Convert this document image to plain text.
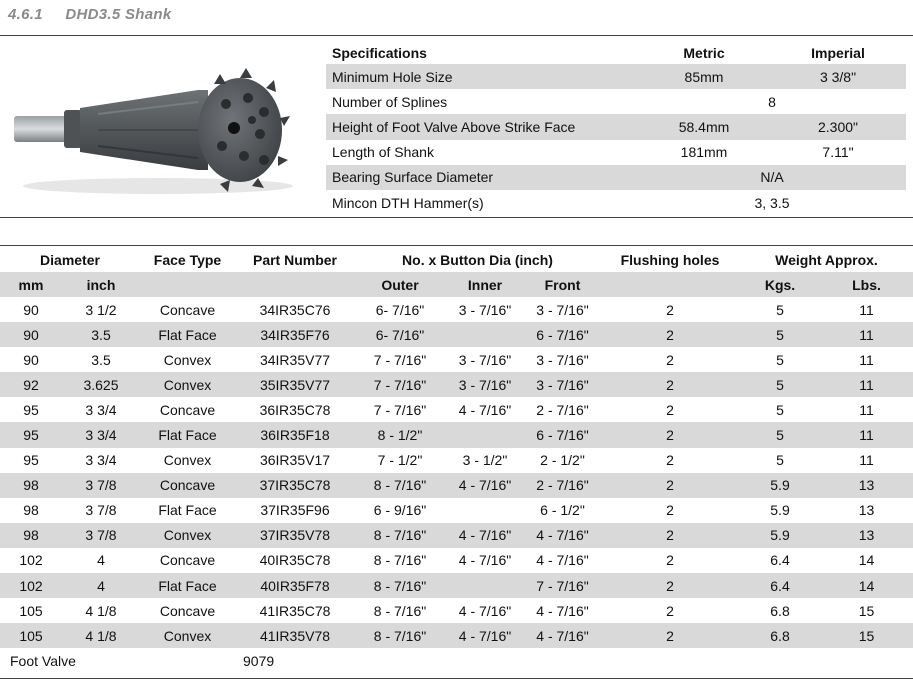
4.6.1 DHD3.5 Shank
Specifications	Metric	Imperial
Minimum Hole Size	85mm	3 3/8"
Number of Splines	8	
Height of Foot Valve Above Strike Face	58.4mm	2.300"
Length of Shank	181mm	7.11"
Bearing Surface Diameter	N/A	
Mincon DTH Hammer(s)	3, 3.5	
Diameter		Face Type	Part Number	No. x Button Dia (inch)			Flushing holes	Weight Approx.	
mm	inch			Outer	Inner	Front		Kgs.	Lbs.
90	3 1/2	Concave	34IR35C76	6- 7/16"	3 - 7/16"	3 - 7/16"	2	5	11
90	3.5	Flat Face	34IR35F76	6- 7/16"		6 - 7/16"	2	5	11
90	3.5	Convex	34IR35V77	7 - 7/16"	3 - 7/16"	3 - 7/16"	2	5	11
92	3.625	Convex	35IR35V77	7 - 7/16"	3 - 7/16"	3 - 7/16"	2	5	11
95	3 3/4	Concave	36IR35C78	7 - 7/16"	4 - 7/16"	2 - 7/16"	2	5	11
95	3 3/4	Flat Face	36IR35F18	8 - 1/2"		6 - 7/16"	2	5	11
95	3 3/4	Convex	36IR35V17	7 - 1/2"	3 - 1/2"	2 - 1/2"	2	5	11
98	3 7/8	Concave	37IR35C78	8 - 7/16"	4 - 7/16"	2 - 7/16"	2	5.9	13
98	3 7/8	Flat Face	37IR35F96	6 - 9/16"		6 - 1/2"	2	5.9	13
98	3 7/8	Convex	37IR35V78	8 - 7/16"	4 - 7/16"	4 - 7/16"	2	5.9	13
102	4	Concave	40IR35C78	8 - 7/16"	4 - 7/16"	4 - 7/16"	2	6.4	14
102	4	Flat Face	40IR35F78	8 - 7/16"		7 - 7/16"	2	6.4	14
105	4 1/8	Concave	41IR35C78	8 - 7/16"	4 - 7/16"	4 - 7/16"	2	6.8	15
105	4 1/8	Convex	41IR35V78	8 - 7/16"	4 - 7/16"	4 - 7/16"	2	6.8	15
Foot Valve			9079						
